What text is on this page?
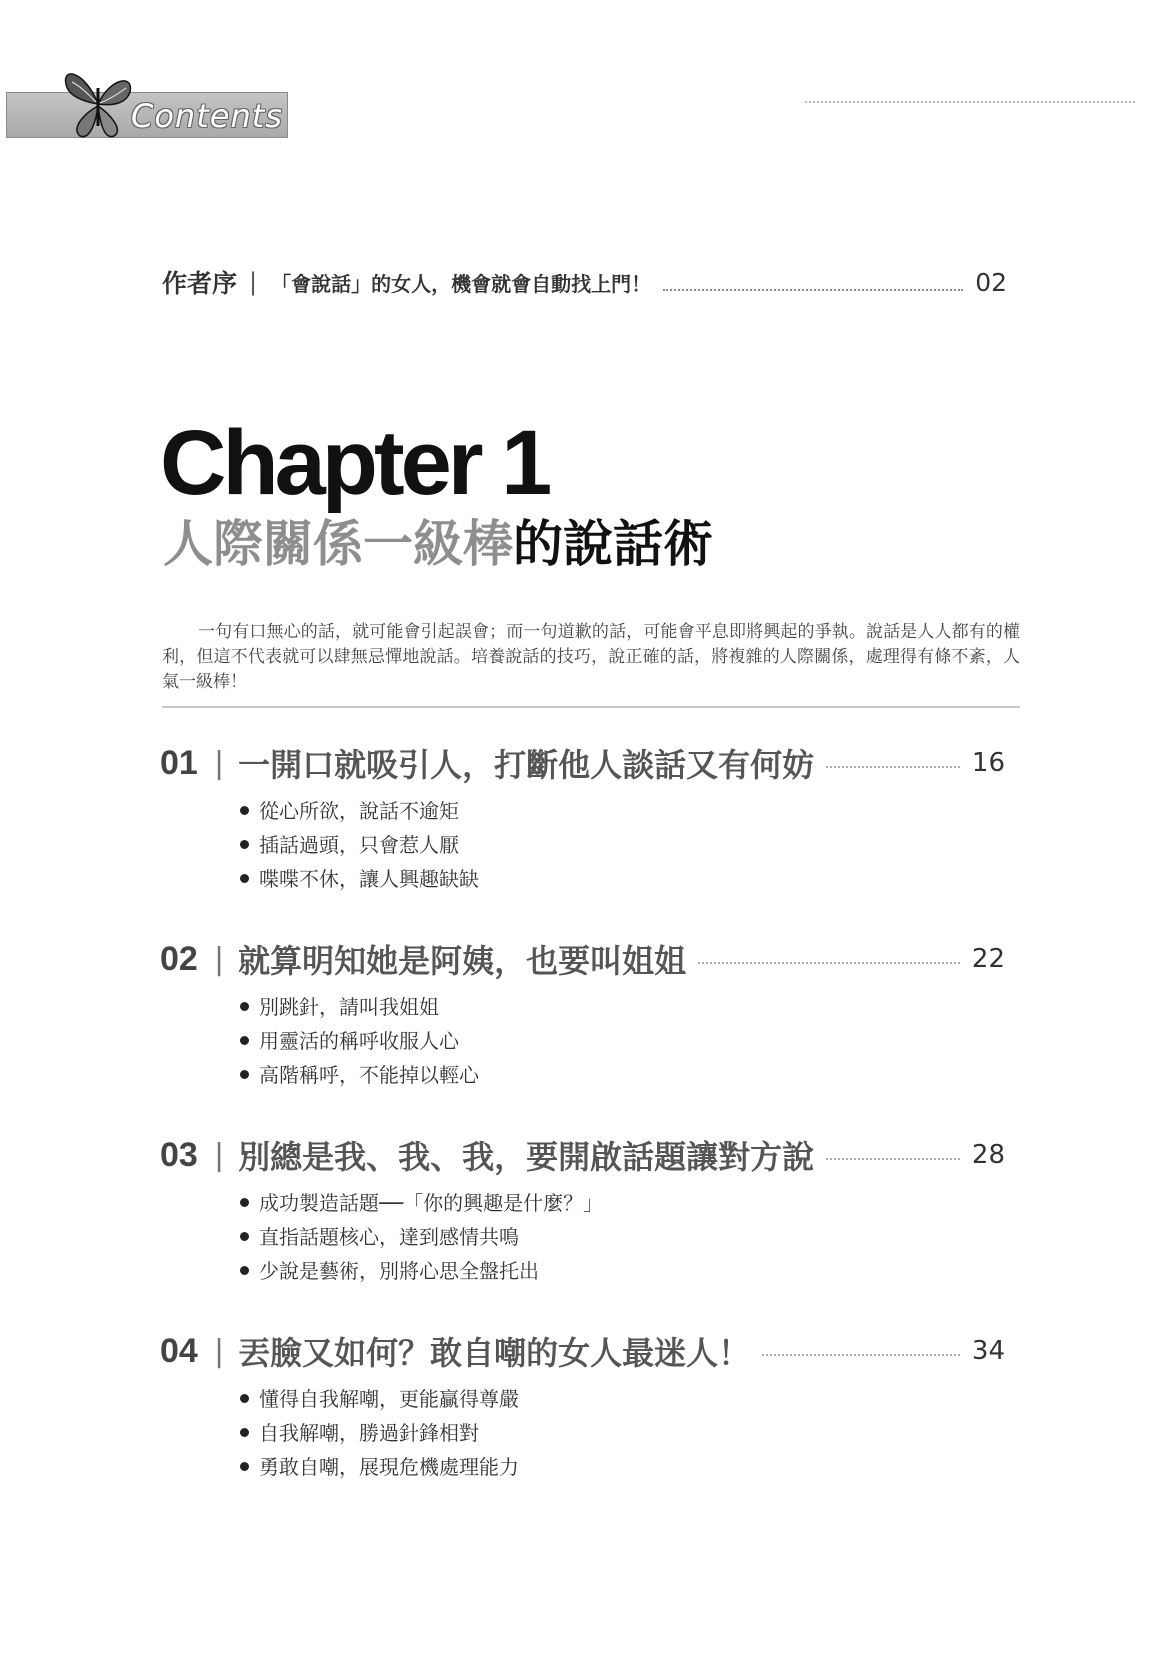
Contents
作者序 | 「會說話」的女人，機會就會自動找上門！	02
Chapter 1
人際關係一級棒的說話術
一句有口無心的話，就可能會引起誤會；而一句道歉的話，可能會平息即將興起的爭執。說話是人人都有的權利，但這不代表就可以肆無忌憚地說話。培養說話的技巧，說正確的話，將複雜的人際關係，處理得有條不紊，人氣一級棒！
01 | 一開口就吸引人，打斷他人談話又有何妨	16
從心所欲，說話不逾矩
插話過頭，只會惹人厭
喋喋不休，讓人興趣缺缺
02 | 就算明知她是阿姨，也要叫姐姐	22
別跳針，請叫我姐姐
用靈活的稱呼收服人心
高階稱呼，不能掉以輕心
03 | 別總是我、我、我，要開啟話題讓對方說	28
成功製造話題──「你的興趣是什麼？」
直指話題核心，達到感情共鳴
少說是藝術，別將心思全盤托出
04 | 丟臉又如何？敢自嘲的女人最迷人！	34
懂得自我解嘲，更能贏得尊嚴
自我解嘲，勝過針鋒相對
勇敢自嘲，展現危機處理能力
